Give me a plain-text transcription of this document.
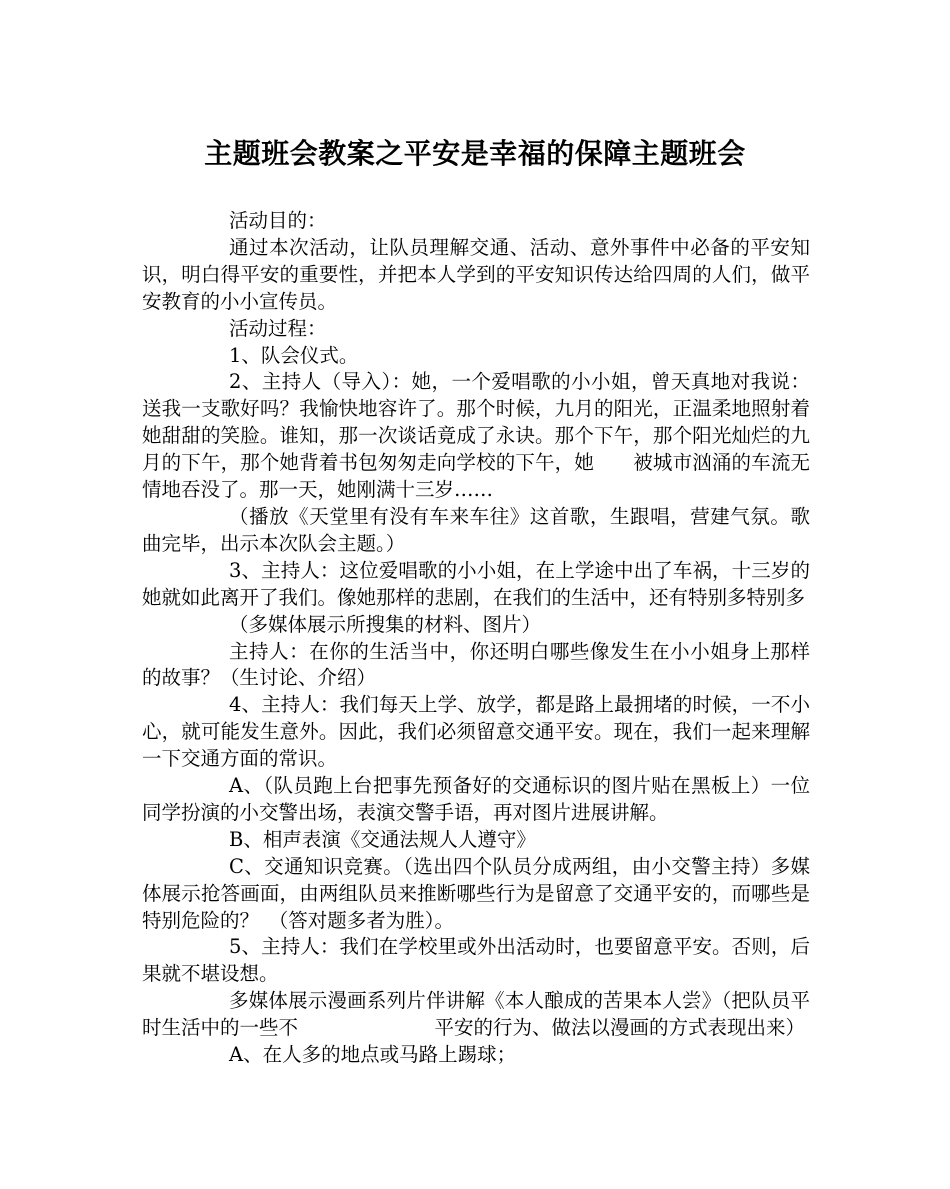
主题班会教案之平安是幸福的保障主题班会

活动目的：

通过本次活动，让队员理解交通、活动、意外事件中必备的平安知识，明白得平安的重要性，并把本人学到的平安知识传达给四周的人们，做平安教育的小小宣传员。

活动过程：

1、队会仪式。

2、主持人（导入）：她，一个爱唱歌的小小姐，曾天真地对我说：送我一支歌好吗？我愉快地容许了。那个时候，九月的阳光，正温柔地照射着她甜甜的笑脸。谁知，那一次谈话竟成了永诀。那个下午，那个阳光灿烂的九月的下午，那个她背着书包匆匆走向学校的下午，她　　被城市汹涌的车流无情地吞没了。那一天，她刚满十三岁……

（播放《天堂里有没有车来车往》这首歌，生跟唱，营建气氛。歌曲完毕，出示本次队会主题。）

3、主持人：这位爱唱歌的小小姐，在上学途中出了车祸，十三岁的她就如此离开了我们。像她那样的悲剧，在我们的生活中，还有特别多特别多

（多媒体展示所搜集的材料、图片）

主持人：在你的生活当中，你还明白哪些像发生在小小姐身上那样的故事？（生讨论、介绍）

4、主持人：我们每天上学、放学，都是路上最拥堵的时候，一不小心，就可能发生意外。因此，我们必须留意交通平安。现在，我们一起来理解一下交通方面的常识。

A、（队员跑上台把事先预备好的交通标识的图片贴在黑板上）一位同学扮演的小交警出场，表演交警手语，再对图片进展讲解。

B、相声表演《交通法规人人遵守》

C、交通知识竞赛。（选出四个队员分成两组，由小交警主持）多媒体展示抢答画面，由两组队员来推断哪些行为是留意了交通平安的，而哪些是特别危险的？　（答对题多者为胜）。

5、主持人：我们在学校里或外出活动时，也要留意平安。否则，后果就不堪设想。

多媒体展示漫画系列片伴讲解《本人酿成的苦果本人尝》（把队员平时生活中的一些不　　　　　　　平安的行为、做法以漫画的方式表现出来）

A、在人多的地点或马路上踢球；
